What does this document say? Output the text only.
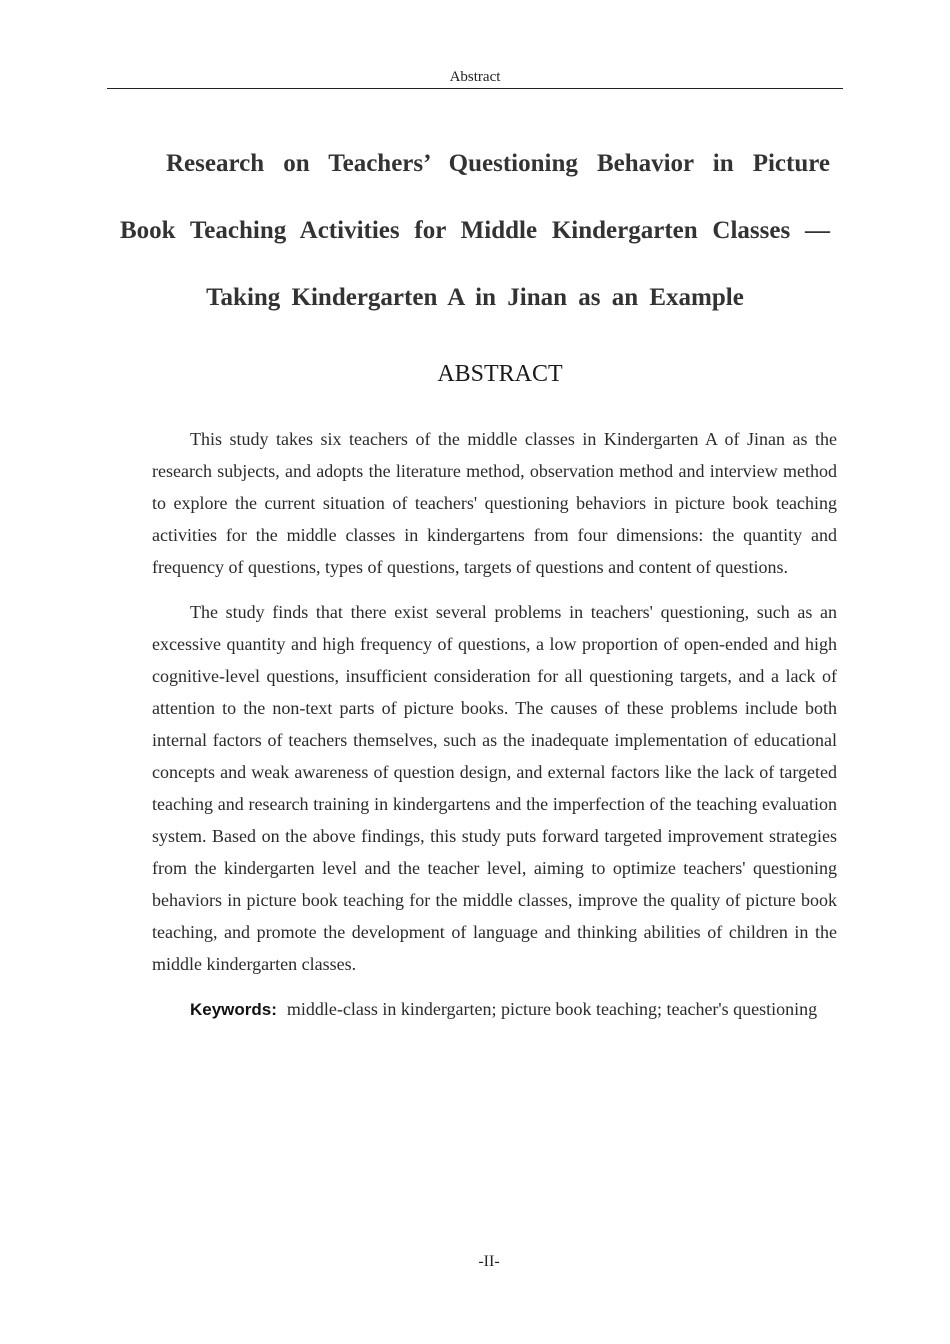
Abstract
Research on Teachers’ Questioning Behavior in Picture
Book Teaching Activities for Middle Kindergarten Classes —
Taking Kindergarten A in Jinan as an Example
ABSTRACT

This study takes six teachers of the middle classes in Kindergarten A of Jinan as the research subjects, and adopts the literature method, observation method and interview method to explore the current situation of teachers' questioning behaviors in picture book teaching activities for the middle classes in kindergartens from four dimensions: the quantity and frequency of questions, types of questions, targets of questions and content of questions.

The study finds that there exist several problems in teachers' questioning, such as an excessive quantity and high frequency of questions, a low proportion of open-ended and high cognitive-level questions, insufficient consideration for all questioning targets, and a lack of attention to the non-text parts of picture books. The causes of these problems include both internal factors of teachers themselves, such as the inadequate implementation of educational concepts and weak awareness of question design, and external factors like the lack of targeted teaching and research training in kindergartens and the imperfection of the teaching evaluation system. Based on the above findings, this study puts forward targeted improvement strategies from the kindergarten level and the teacher level, aiming to optimize teachers' questioning behaviors in picture book teaching for the middle classes, improve the quality of picture book teaching, and promote the development of language and thinking abilities of children in the middle kindergarten classes.

Keywords: middle-class in kindergarten; picture book teaching; teacher's questioning

-II-
